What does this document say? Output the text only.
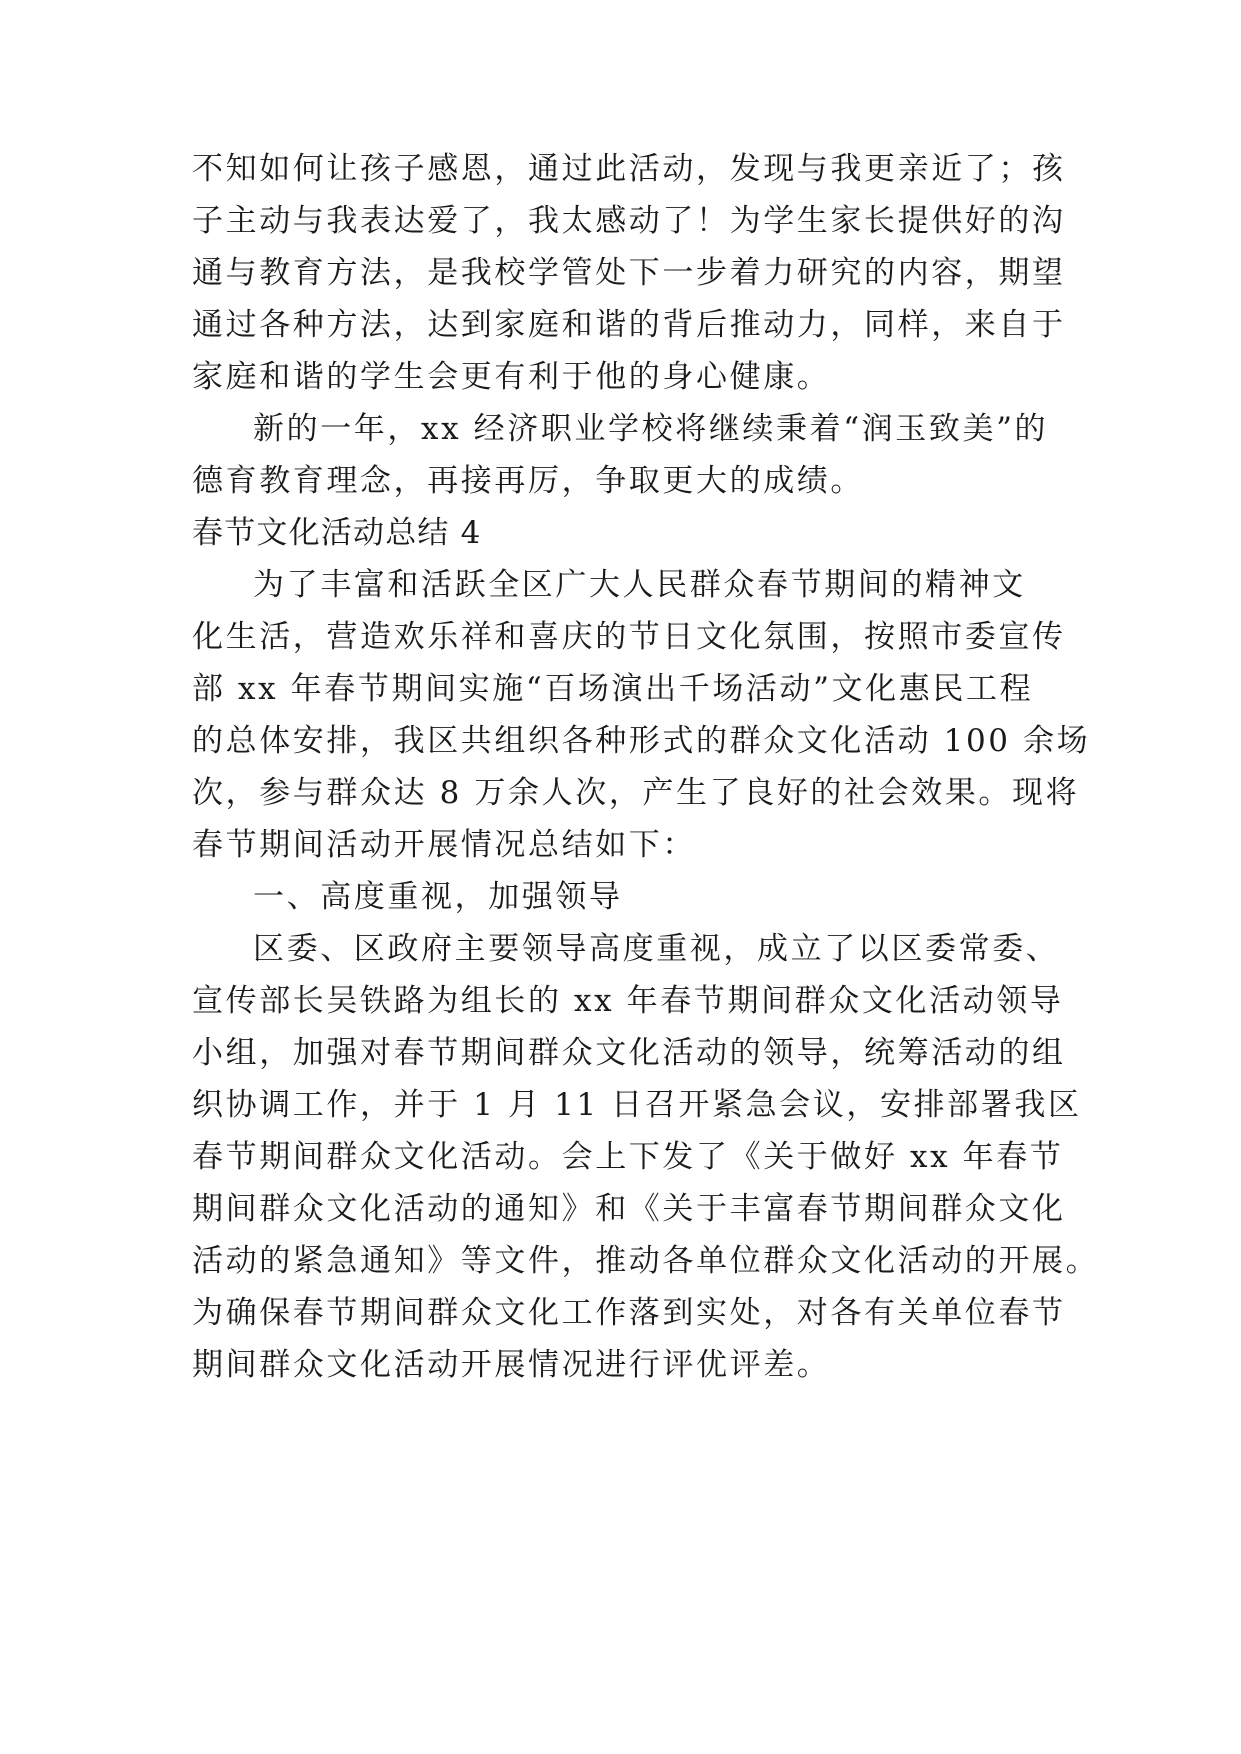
不知如何让孩子感恩，通过此活动，发现与我更亲近了；孩
子主动与我表达爱了，我太感动了！为学生家长提供好的沟
通与教育方法，是我校学管处下一步着力研究的内容，期望
通过各种方法，达到家庭和谐的背后推动力，同样，来自于
家庭和谐的学生会更有利于他的身心健康。
新的一年，xx 经济职业学校将继续秉着“润玉致美”的
德育教育理念，再接再厉，争取更大的成绩。
春节文化活动总结 4
为了丰富和活跃全区广大人民群众春节期间的精神文
化生活，营造欢乐祥和喜庆的节日文化氛围，按照市委宣传
部 xx 年春节期间实施“百场演出千场活动”文化惠民工程
的总体安排，我区共组织各种形式的群众文化活动 100 余场
次，参与群众达 8 万余人次，产生了良好的社会效果。现将
春节期间活动开展情况总结如下：
一、高度重视，加强领导
区委、区政府主要领导高度重视，成立了以区委常委、
宣传部长吴铁路为组长的 xx 年春节期间群众文化活动领导
小组，加强对春节期间群众文化活动的领导，统筹活动的组
织协调工作，并于 1 月 11 日召开紧急会议，安排部署我区
春节期间群众文化活动。会上下发了《关于做好 xx 年春节
期间群众文化活动的通知》和《关于丰富春节期间群众文化
活动的紧急通知》等文件，推动各单位群众文化活动的开展。
为确保春节期间群众文化工作落到实处，对各有关单位春节
期间群众文化活动开展情况进行评优评差。
